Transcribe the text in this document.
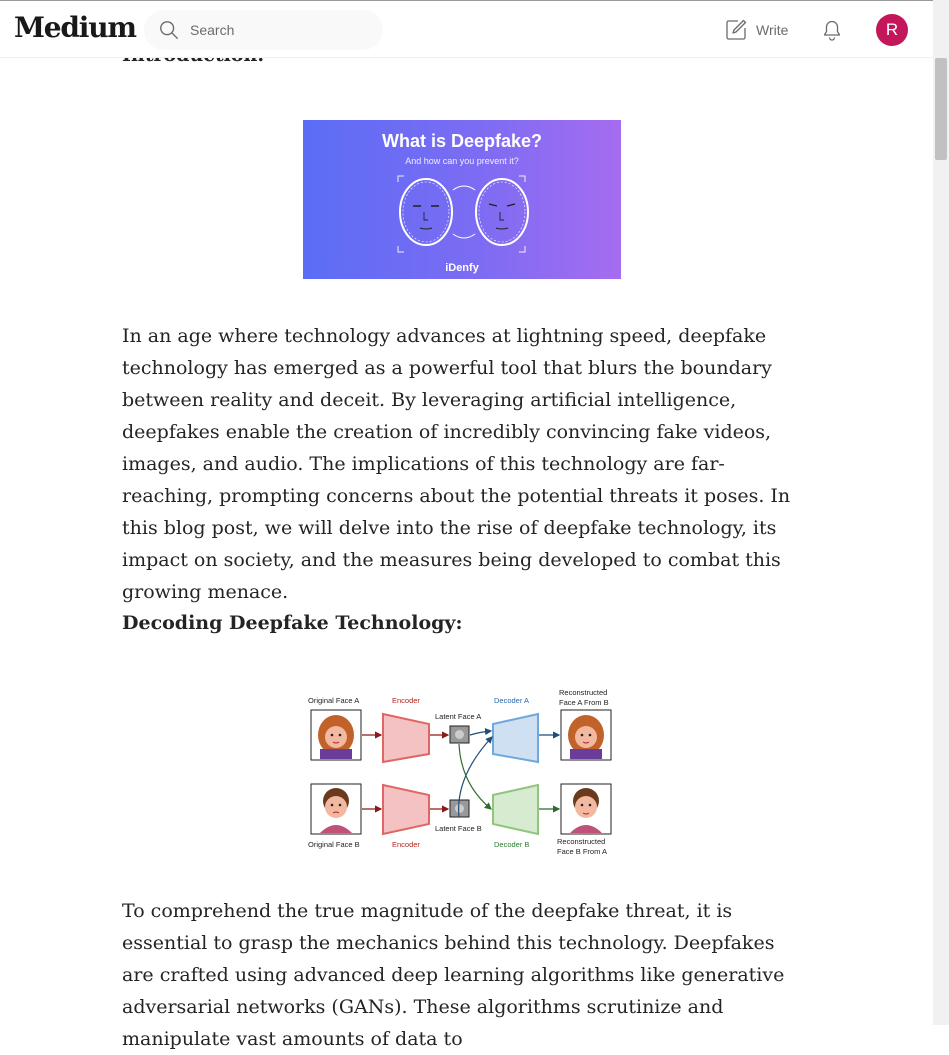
Medium
Search	Write	R
What is Deepfake?
And how can you prevent it?
iDenfy

In an age where technology advances at lightning speed, deepfake technology has emerged as a powerful tool that blurs the boundary between reality and deceit. By leveraging artificial intelligence, deepfakes enable the creation of incredibly convincing fake videos, images, and audio. The implications of this technology are far-reaching, prompting concerns about the potential threats it poses. In this blog post, we will delve into the rise of deepfake technology, its impact on society, and the measures being developed to combat this growing menace.

Decoding Deepfake Technology:
Original Face A	Encoder
Latent Face A
Decoder A
Reconstructed
Face A From B
Original Face B	Encoder
Latent Face B
Decoder B	Reconstructed
Face B From A

To comprehend the true magnitude of the deepfake threat, it is essential to grasp the mechanics behind this technology. Deepfakes are crafted using advanced deep learning algorithms like generative adversarial networks (GANs). These algorithms scrutinize and manipulate vast amounts of data to
